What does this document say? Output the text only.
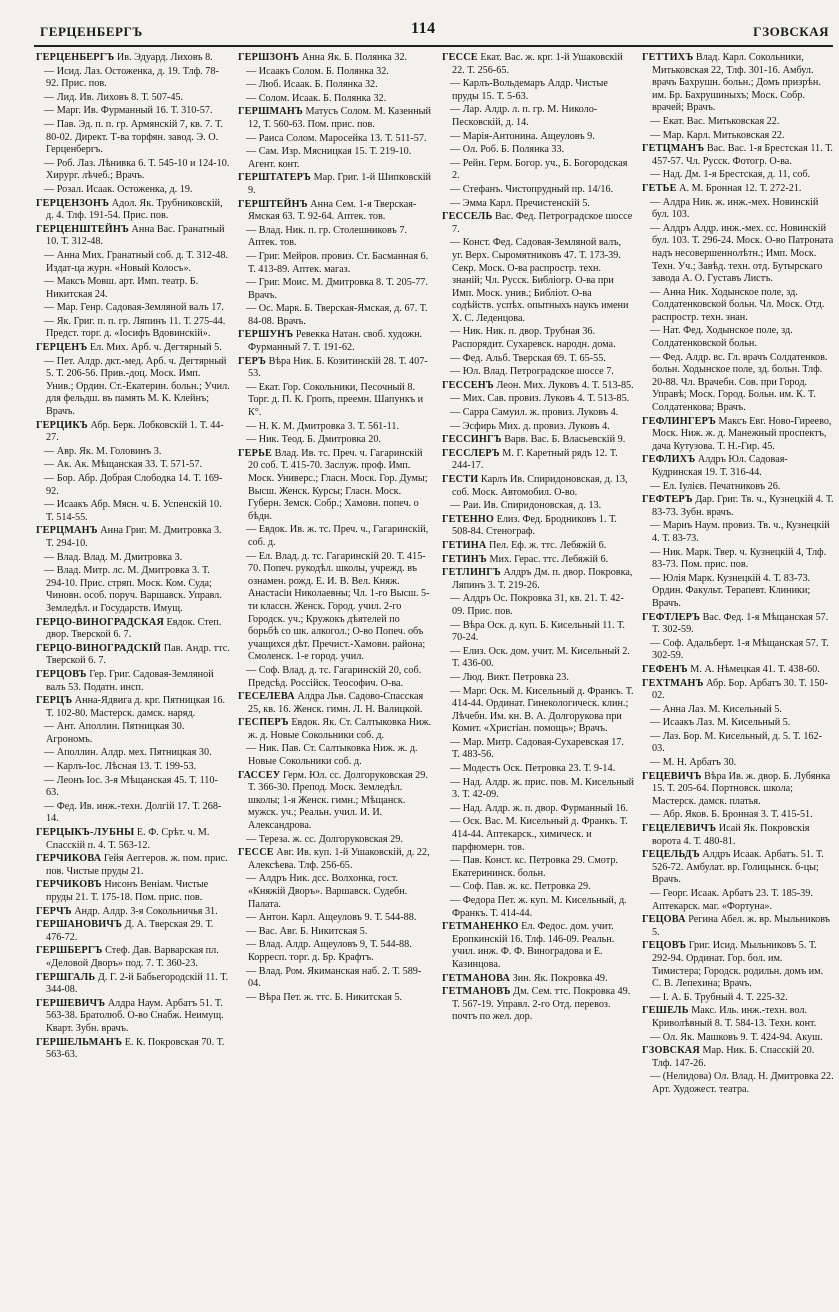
ГЕРЦЕНБЕРГЪ	114	ГЗОВСКАЯ
ГЕРЦЕНБЕРГЪ Ив. Эдуард. Лиховъ 8.
— Исид. Лаз. Остоженка, д. 19. Тлф. 78-92. Прис. пов.
— Лид. Ив. Лиховъ 8. Т. 507-45.
— Марг. Ив. Фурманный 16. Т. 310-57.
— Пав. Эд. п. п. гр. Армянскій 7, кв. 7. Т. 80-02. Директ. Т-ва торфян. завод. Э. О. Герценбергъ.
— Роб. Лаз. Лѣнивка 6. Т. 545-10 и 124-10. Хирург. лѣчеб.; Врачъ.
— Розал. Исаак. Остоженка, д. 19.
ГЕРЦЕНЗОНЪ Адол. Як. Трубниковскій, д. 4. Тлф. 191-54. Прис. пов.
ГЕРЦЕНШТЕЙНЪ Анна Вас. Гранатный 10. Т. 312-48.
— Анна Мих. Гранатный соб. д. Т. 312-48. Издат-ца журн. «Новый Колосъ».
— Максъ Мовш. арт. Имп. театр. Б. Никитская 24.
— Мар. Генр. Садовая-Земляной валъ 17.
— Як. Григ. п. п. гр. Ляпинъ 11. Т. 275-44. Предст. торг. д. «Іосифъ Вдовинскій».
ГЕРЦЕНЪ Ел. Мих. Арб. ч. Дегтярный 5.
— Пет. Алдр. дкт.-мед. Арб. ч. Дегтярный 5. Т. 206-56. Прив.-доц. Моск. Имп. Унив.; Ордин. Ст.-Екатерин. больн.; Учил. для фельдш. въ память М. К. Клейнъ; Врачъ.
ГЕРЦИКЪ Абр. Берк. Лобковскій 1. Т. 44-27.
— Авр. Як. М. Головинъ 3.
— Ак. Ак. Мѣщанская 33. Т. 571-57.
— Бор. Абр. Добрая Слободка 14. Т. 169-92.
— Исаакъ Абр. Мясн. ч. Б. Успенскій 10. Т. 514-55.
ГЕРЦМАНЪ Анна Григ. М. Дмитровка 3. Т. 294-10.
— Влад. Влад. М. Дмитровка 3.
— Влад. Митр. лс. М. Дмитровка 3. Т. 294-10. Прис. стряп. Моск. Ком. Суда; Чиновн. особ. поруч. Варшавск. Управл. Земледѣл. и Государств. Имущ.
ГЕРЦО-ВИНОГРАДСКАЯ Евдок. Степ. двор. Тверской 6. 7.
ГЕРЦО-ВИНОГРАДСКІЙ Пав. Андр. ттс. Тверской 6. 7.
ГЕРЦОВЪ Гер. Григ. Садовая-Земляной валъ 53. Податн. инсп.
ГЕРЦЪ Анна-Ядвига д. крг. Пятницкая 16. Т. 102-80. Мастерск. дамск. наряд.
— Ант. Аполлин. Пятницкая 30. Агрономъ.
— Аполлин. Алдр. мех. Пятницкая 30.
— Карлъ-Іос. Лѣсная 13. Т. 199-53.
— Леонъ Іос. 3-я Мѣщанская 45. Т. 110-63.
— Фед. Ив. инж.-техн. Долгій 17. Т. 268-14.
ГЕРЦЫКЪ-ЛУБНЫ Е. Ф. Срѣт. ч. М. Спасскій п. 4. Т. 563-12.
ГЕРЧИКОВА Гейя Аеггеров. ж. пом. прис. пов. Чистые пруды 21.
ГЕРЧИКОВЪ Нисонъ Веніам. Чистые пруды 21. Т. 175-18. Пом. прис. пов.
ГЕРЧЪ Андр. Алдр. 3-я Сокольничья 31.
ГЕРШАНОВИЧЪ Д. А. Тверская 29. Т. 476-72.
ГЕРШБЕРГЪ Стеф. Дав. Варварская пл. «Деловой Дворъ» под. 7. Т. 360-23.
ГЕРШГАЛЬ Д. Г. 2-й Бабьегородскій 11. Т. 344-08.
ГЕРШЕВИЧЪ Алдра Наум. Арбатъ 51. Т. 563-38. Братолюб. О-во Снабж. Неимущ. Кварт. Зубн. врачъ.
ГЕРШЕЛЬМАНЪ Е. К. Покровская 70. Т. 563-63.
ГЕРШЗОНЪ Анна Як. Б. Полянка 32.
— Исаакъ Солом. Б. Полянка 32.
— Люб. Исаак. Б. Полянка 32.
— Солом. Исаак. Б. Полянка 32.
ГЕРШМАНЪ Матусъ Солом. М. Казенный 12, Т. 560-63. Пом. прис. пов.
— Раиса Солом. Маросейка 13. Т. 511-57.
— Сам. Изр. Мясницкая 15. Т. 219-10. Агент. конт.
ГЕРШТАТЕРЪ Мар. Григ. 1-й Шипковскій 9.
ГЕРШТЕЙНЪ Анна Сем. 1-я Тверская-Ямская 63. Т. 92-64. Аптек. тов.
— Влад. Ник. п. гр. Столешниковъ 7. Аптек. тов.
— Григ. Мейров. провиз. Ст. Басманная 6. Т. 413-89. Аптек. магаз.
— Григ. Моис. М. Дмитровка 8. Т. 205-77. Врачъ.
— Ос. Марк. Б. Тверская-Ямская, д. 67. Т. 84-08. Врачъ.
ГЕРШУНЪ Ревекка Натан. своб. художн. Фурманный 7. Т. 191-62.
ГЕРЪ Вѣра Ник. Б. Козитинскій 28. Т. 407-53.
— Екат. Гор. Сокольники, Песочный 8. Торг. д. П. К. Гропъ, преемн. Шапункъ и К°.
— Н. К. М. Дмитровка 3. Т. 561-11.
— Ник. Теод. Б. Дмитровка 20.
ГЕРЬЕ Влад. Ив. тс. Преч. ч. Гагаринскій 20 соб. Т. 415-70. Заслуж. проф. Имп. Моск. Универс.; Гласн. Моск. Гор. Думы; Высш. Женск. Курсы; Гласн. Моск. Губерн. Земск. Собр.; Хамовн. попеч. о бѣдн.
— Евдок. Ив. ж. тс. Преч. ч., Гагаринскій, соб. д.
— Ел. Влад. д. тс. Гагаринскій 20. Т. 415-70. Попеч. рукодѣл. школы, учрежд. въ ознамен. рожд. Е. И. В. Вел. Княж. Анастасіи Николаевны; Чл. 1-го Высш. 5-ти классн. Женск. Город. учил. 2-го Городск. уч.; Кружокъ дѣятелей по борьбѣ со шк. алкогол.; О-во Попеч. объ учащихся дѣт. Пречист.-Хамовн. района; Смоленск. 1-е город. учил.
— Соф. Влад. д. тс. Гагаринскій 20, соб. Предсѣд. Россійск. Теософич. О-ва.
ГЕСЕЛЕВА Алдра Льв. Садово-Спасская 25, кв. 16. Женск. гимн. Л. Н. Валицкой.
ГЕСПЕРЪ Евдок. Як. Ст. Салтыковка Ниж. ж. д. Новые Сокольники соб. д.
— Ник. Пав. Ст. Салтыковка Ниж. ж. д. Новые Сокольники соб. д.
ГАССЕУ Герм. Юл. сс. Долгоруковская 29. Т. 366-30. Препод. Моск. Земледѣл. школы; 1-я Женск. гимн.; Мѣщанск. мужск. уч.; Реальн. учил. И. И. Александрова.
— Тереза. ж. сс. Долгоруковская 29.
ГЕССЕ Авг. Ив. куп. 1-й Ушаковскій, д. 22, Алексѣева. Тлф. 256-65.
— Алдръ Ник. дсс. Волхонка, гост. «Княжій Дворъ». Варшавск. Судебн. Палата.
— Антон. Карл. Ащеуловъ 9. Т. 544-88.
— Вас. Авг. Б. Никитская 5.
— Влад. Алдр. Ащеуловъ 9, Т. 544-88. Корресп. торг. д. Бр. Крафтъ.
— Влад. Ром. Якиманская наб. 2. Т. 589-04.
— Вѣра Пет. ж. ттс. Б. Никитская 5.
ГЕССЕ Екат. Вас. ж. крг. 1-й Ушаковскій 22. Т. 256-65.
— Карлъ-Вольдемаръ Алдр. Чистые пруды 15. Т. 5-63.
— Лар. Алдр. л. п. гр. М. Николо-Песковскій, д. 14.
— Марія-Антонина. Ащеуловъ 9.
— Ол. Роб. Б. Полянка 33.
— Рейн. Герм. Богор. уч., Б. Богородская 2.
— Стефанъ. Чистопрудный пр. 14/16.
— Эмма Карл. Пречистенскій 5.
ГЕССЕЛЬ Вас. Фед. Петроградское шоссе 7.
— Конст. Фед. Садовая-Земляной валъ, уг. Верх. Сыромятниковъ 47. Т. 173-39. Секр. Моск. О-ва распростр. техн. знаній; Чл. Русск. Библіогр. О-ва при Имп. Моск. унив.; Библіот. О-ва содѣйств. успѣх. опытныхъ наукъ имени Х. С. Леденцова.
— Ник. Ник. п. двор. Трубная 36. Распорядит. Сухаревск. народн. дома.
— Фед. Альб. Тверская 69. Т. 65-55.
— Юл. Влад. Петроградское шоссе 7.
ГЕССЕНЪ Леон. Мих. Луковъ 4. Т. 513-85.
— Мих. Сав. провиз. Луковъ 4. Т. 513-85.
— Сарра Самуил. ж. провиз. Луковъ 4.
— Эсфирь Мих. д. провиз. Луковъ 4.
ГЕССИНГЪ Варв. Вас. Б. Власьевскій 9.
ГЕССЛЕРЪ М. Г. Каретный рядъ 12. Т. 244-17.
ГЕСТИ Карлъ Ив. Спиридоновская, д. 13, соб. Моск. Автомобил. О-во.
— Раи. Ив. Спиридоновская, д. 13.
ГЕТЕННО Елиз. Фед. Бродниковъ 1. Т. 508-84. Стенограф.
ГЕТИНА Пел. Еф. ж. ттс. Лебяжій 6.
ГЕТИНЪ Мих. Герас. ттс. Лебяжій 6.
ГЕТЛИНГЪ Алдръ Дм. п. двор. Покровка, Ляпинъ 3. Т. 219-26.
— Алдръ Ос. Покровка 31, кв. 21. Т. 42-09. Прис. пов.
— Вѣра Оск. д. куп. Б. Кисельный 11. Т. 70-24.
— Елиз. Оск. дом. учит. М. Кисельный 2. Т. 436-00.
— Люд. Викт. Петровка 23.
— Марг. Оск. М. Кисельный д. Франкъ. Т. 414-44. Ординат. Гинекологическ. клин.; Лѣчебн. Им. кн. В. А. Долгорукова при Комит. «Христіан. помощь»; Врачъ.
— Мар. Митр. Садовая-Сухаревская 17. Т. 483-56.
— Модестъ Оск. Петровка 23. Т. 9-14.
— Над. Алдр. ж. прис. пов. М. Кисельный 3. Т. 42-09.
— Над. Алдр. ж. п. двор. Фурманный 16.
— Оск. Вас. М. Кисельный д. Франкъ. Т. 414-44. Аптекарск., химическ. и парфюмерн. тов.
— Пав. Конст. кс. Петровка 29. Смотр. Екатерининск. больн.
— Соф. Пав. ж. кс. Петровка 29.
— Федора Пет. ж. куп. М. Кисельный, д. Франкъ. Т. 414-44.
ГЕТМАНЕНКО Ел. Федос. дом. учит. Еропкинскій 16. Тлф. 146-09. Реальн. учил. инж. Ф. Ф. Виноградова и Е. Казинцова.
ГЕТМАНОВА Зин. Як. Покровка 49.
ГЕТМАНОВЪ Дм. Сем. ттс. Покровка 49. Т. 567-19. Управл. 2-го Отд. перевоз. почтъ по жел. дор.
ГЕТТИХЪ Влад. Карл. Сокольники, Митьковская 22, Тлф. 301-16. Амбул. врачъ Бахрушн. больн.; Домъ призрѣн. им. Бр. Бахрушиныхъ; Моск. Собр. врачей; Врачъ.
— Екат. Вас. Митьковская 22.
— Мар. Карл. Митьковская 22.
ГЕТЦМАНЪ Вас. Вас. 1-я Брестская 11. Т. 457-57. Чл. Русск. Фотогр. О-ва.
— Над. Дм. 1-я Брестская, д. 11, соб.
ГЕТЬЕ А. М. Бронная 12. Т. 272-21.
— Алдра Ник. ж. инж.-мех. Новинскій бул. 103.
— Алдръ Алдр. инж.-мех. сс. Новинскій бул. 103. Т. 296-24. Моск. О-во Патроната надъ несовершеннолѣтн.; Имп. Моск. Техн. Уч.; Завѣд. техн. отд. Бутырскаго завода А. О. Густавъ Листъ.
— Анна Ник. Ходынское поле, зд. Солдатенковской больн. Чл. Моск. Отд. распростр. техн. знан.
— Нат. Фед. Ходынское поле, зд. Солдатенковской больн.
— Фед. Алдр. вс. Гл. врачъ Солдатенков. больн. Ходынское поле, зд. больн. Тлф. 20-88. Чл. Врачебн. Сов. при Город. Управѣ; Моск. Город. Больн. им. К. Т. Солдатенкова; Врачъ.
ГЕФЛИНГЕРЪ Максъ Евг. Ново-Гиреево, Моск. Ниж. ж. д. Манежный проспектъ, дача Кутузова. Т. Н.-Гир. 45.
ГЕФЛИХЪ Алдръ Юл. Садовая-Кудринская 19. Т. 316-44.
— Ел. Іулієв. Печатниковъ 26.
ГЕФТЕРЪ Дар. Григ. Тв. ч., Кузнецкій 4. Т. 83-73. Зубн. врачъ.
— Мариъ Наум. провиз. Тв. ч., Кузнецкій 4. Т. 83-73.
— Ник. Марк. Твер. ч. Кузнецкій 4, Тлф. 83-73. Пом. прис. пов.
— Юлія Марк. Кузнецкій 4. Т. 83-73. Ордин. Факульт. Терапевт. Клиники; Врачъ.
ГЕФТЛЕРЪ Вас. Фед. 1-я Мѣщанская 57. Т. 302-59.
— Соф. Адальберт. 1-я Мѣщанская 57. Т. 302-59.
ГЕФЕНЪ М. А. Нѣмецкая 41. Т. 438-60.
ГЕХТМАНЪ Абр. Бор. Арбатъ 30. Т. 150-02.
— Анна Лаз. М. Кисельный 5.
— Исаакъ Лаз. М. Кисельный 5.
— Лаз. Бор. М. Кисельный, д. 5. Т. 162-03.
— М. Н. Арбатъ 30.
ГЕЦЕВИЧЪ Вѣра Ив. ж. двор. Б. Лубянка 15. Т. 205-64. Портновск. школа; Мастерск. дамск. платья.
— Абр. Яков. Б. Бронная 3. Т. 415-51.
ГЕЦЕЛЕВИЧЪ Исай Як. Покровскія ворота 4. Т. 480-81.
ГЕЦЕЛЬДЪ Алдръ Исаак. Арбатъ. 51. Т. 526-72. Амбулат. вр. Голицынск. б-цы; Врачъ.
— Георг. Исаак. Арбатъ 23. Т. 185-39. Аптекарск. маг. «Фортуна».
ГЕЦОВА Регина Абел. ж. вр. Мыльниковъ 5.
ГЕЦОВЪ Григ. Исид. Мыльниковъ 5. Т. 292-94. Ординат. Гор. бол. им. Тимистера; Городск. родильн. домъ им. С. В. Лепехина; Врачъ.
— І. А. Б. Трубный 4. Т. 225-32.
ГЕШЕЛЬ Макс. Иль. инж.-техн. вол. Криволѣвный 8. Т. 584-13. Техн. конт.
— Ол. Як. Машковъ 9. Т. 424-94. Акуш.
ГЗОВСКАЯ Мар. Ник. Б. Спасскій 20. Тлф. 147-26.
— (Нелидова) Ол. Влад. Н. Дмитровка 22. Арт. Художест. театра.
